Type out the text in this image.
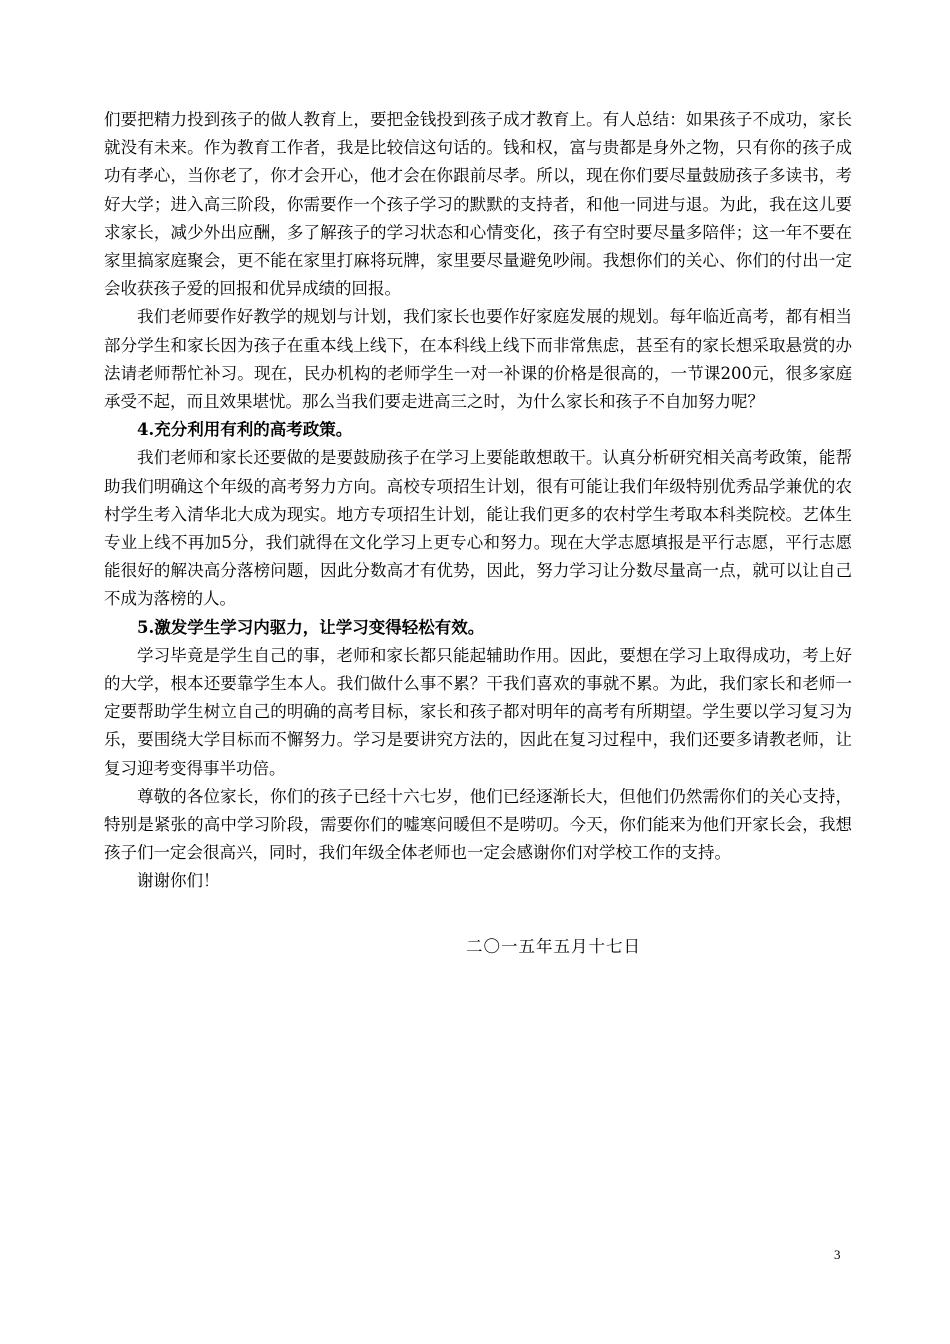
们要把精力投到孩子的做人教育上，要把金钱投到孩子成才教育上。有人总结：如果孩子不成功，家长就没有未来。作为教育工作者，我是比较信这句话的。钱和权，富与贵都是身外之物，只有你的孩子成功有孝心，当你老了，你才会开心，他才会在你跟前尽孝。所以，现在你们要尽量鼓励孩子多读书，考好大学；进入高三阶段，你需要作一个孩子学习的默默的支持者，和他一同进与退。为此，我在这儿要求家长，减少外出应酬，多了解孩子的学习状态和心情变化，孩子有空时要尽量多陪伴；这一年不要在家里搞家庭聚会，更不能在家里打麻将玩牌，家里要尽量避免吵闹。我想你们的关心、你们的付出一定会收获孩子爱的回报和优异成绩的回报。

我们老师要作好教学的规划与计划，我们家长也要作好家庭发展的规划。每年临近高考，都有相当部分学生和家长因为孩子在重本线上线下，在本科线上线下而非常焦虑，甚至有的家长想采取悬赏的办法请老师帮忙补习。现在，民办机构的老师学生一对一补课的价格是很高的，一节课200元，很多家庭承受不起，而且效果堪忧。那么当我们要走进高三之时，为什么家长和孩子不自加努力呢？

4.充分利用有利的高考政策。

我们老师和家长还要做的是要鼓励孩子在学习上要能敢想敢干。认真分析研究相关高考政策，能帮助我们明确这个年级的高考努力方向。高校专项招生计划，很有可能让我们年级特别优秀品学兼优的农村学生考入清华北大成为现实。地方专项招生计划，能让我们更多的农村学生考取本科类院校。艺体生专业上线不再加5分，我们就得在文化学习上更专心和努力。现在大学志愿填报是平行志愿，平行志愿能很好的解决高分落榜问题，因此分数高才有优势，因此，努力学习让分数尽量高一点，就可以让自己不成为落榜的人。

5.激发学生学习内驱力，让学习变得轻松有效。

学习毕竟是学生自己的事，老师和家长都只能起辅助作用。因此，要想在学习上取得成功，考上好的大学，根本还要靠学生本人。我们做什么事不累？干我们喜欢的事就不累。为此，我们家长和老师一定要帮助学生树立自己的明确的高考目标，家长和孩子都对明年的高考有所期望。学生要以学习复习为乐，要围绕大学目标而不懈努力。学习是要讲究方法的，因此在复习过程中，我们还要多请教老师，让复习迎考变得事半功倍。

尊敬的各位家长，你们的孩子已经十六七岁，他们已经逐渐长大，但他们仍然需你们的关心支持，特别是紧张的高中学习阶段，需要你们的嘘寒问暖但不是唠叨。今天，你们能来为他们开家长会，我想孩子们一定会很高兴，同时，我们年级全体老师也一定会感谢你们对学校工作的支持。

谢谢你们！

二〇一五年五月十七日
3
